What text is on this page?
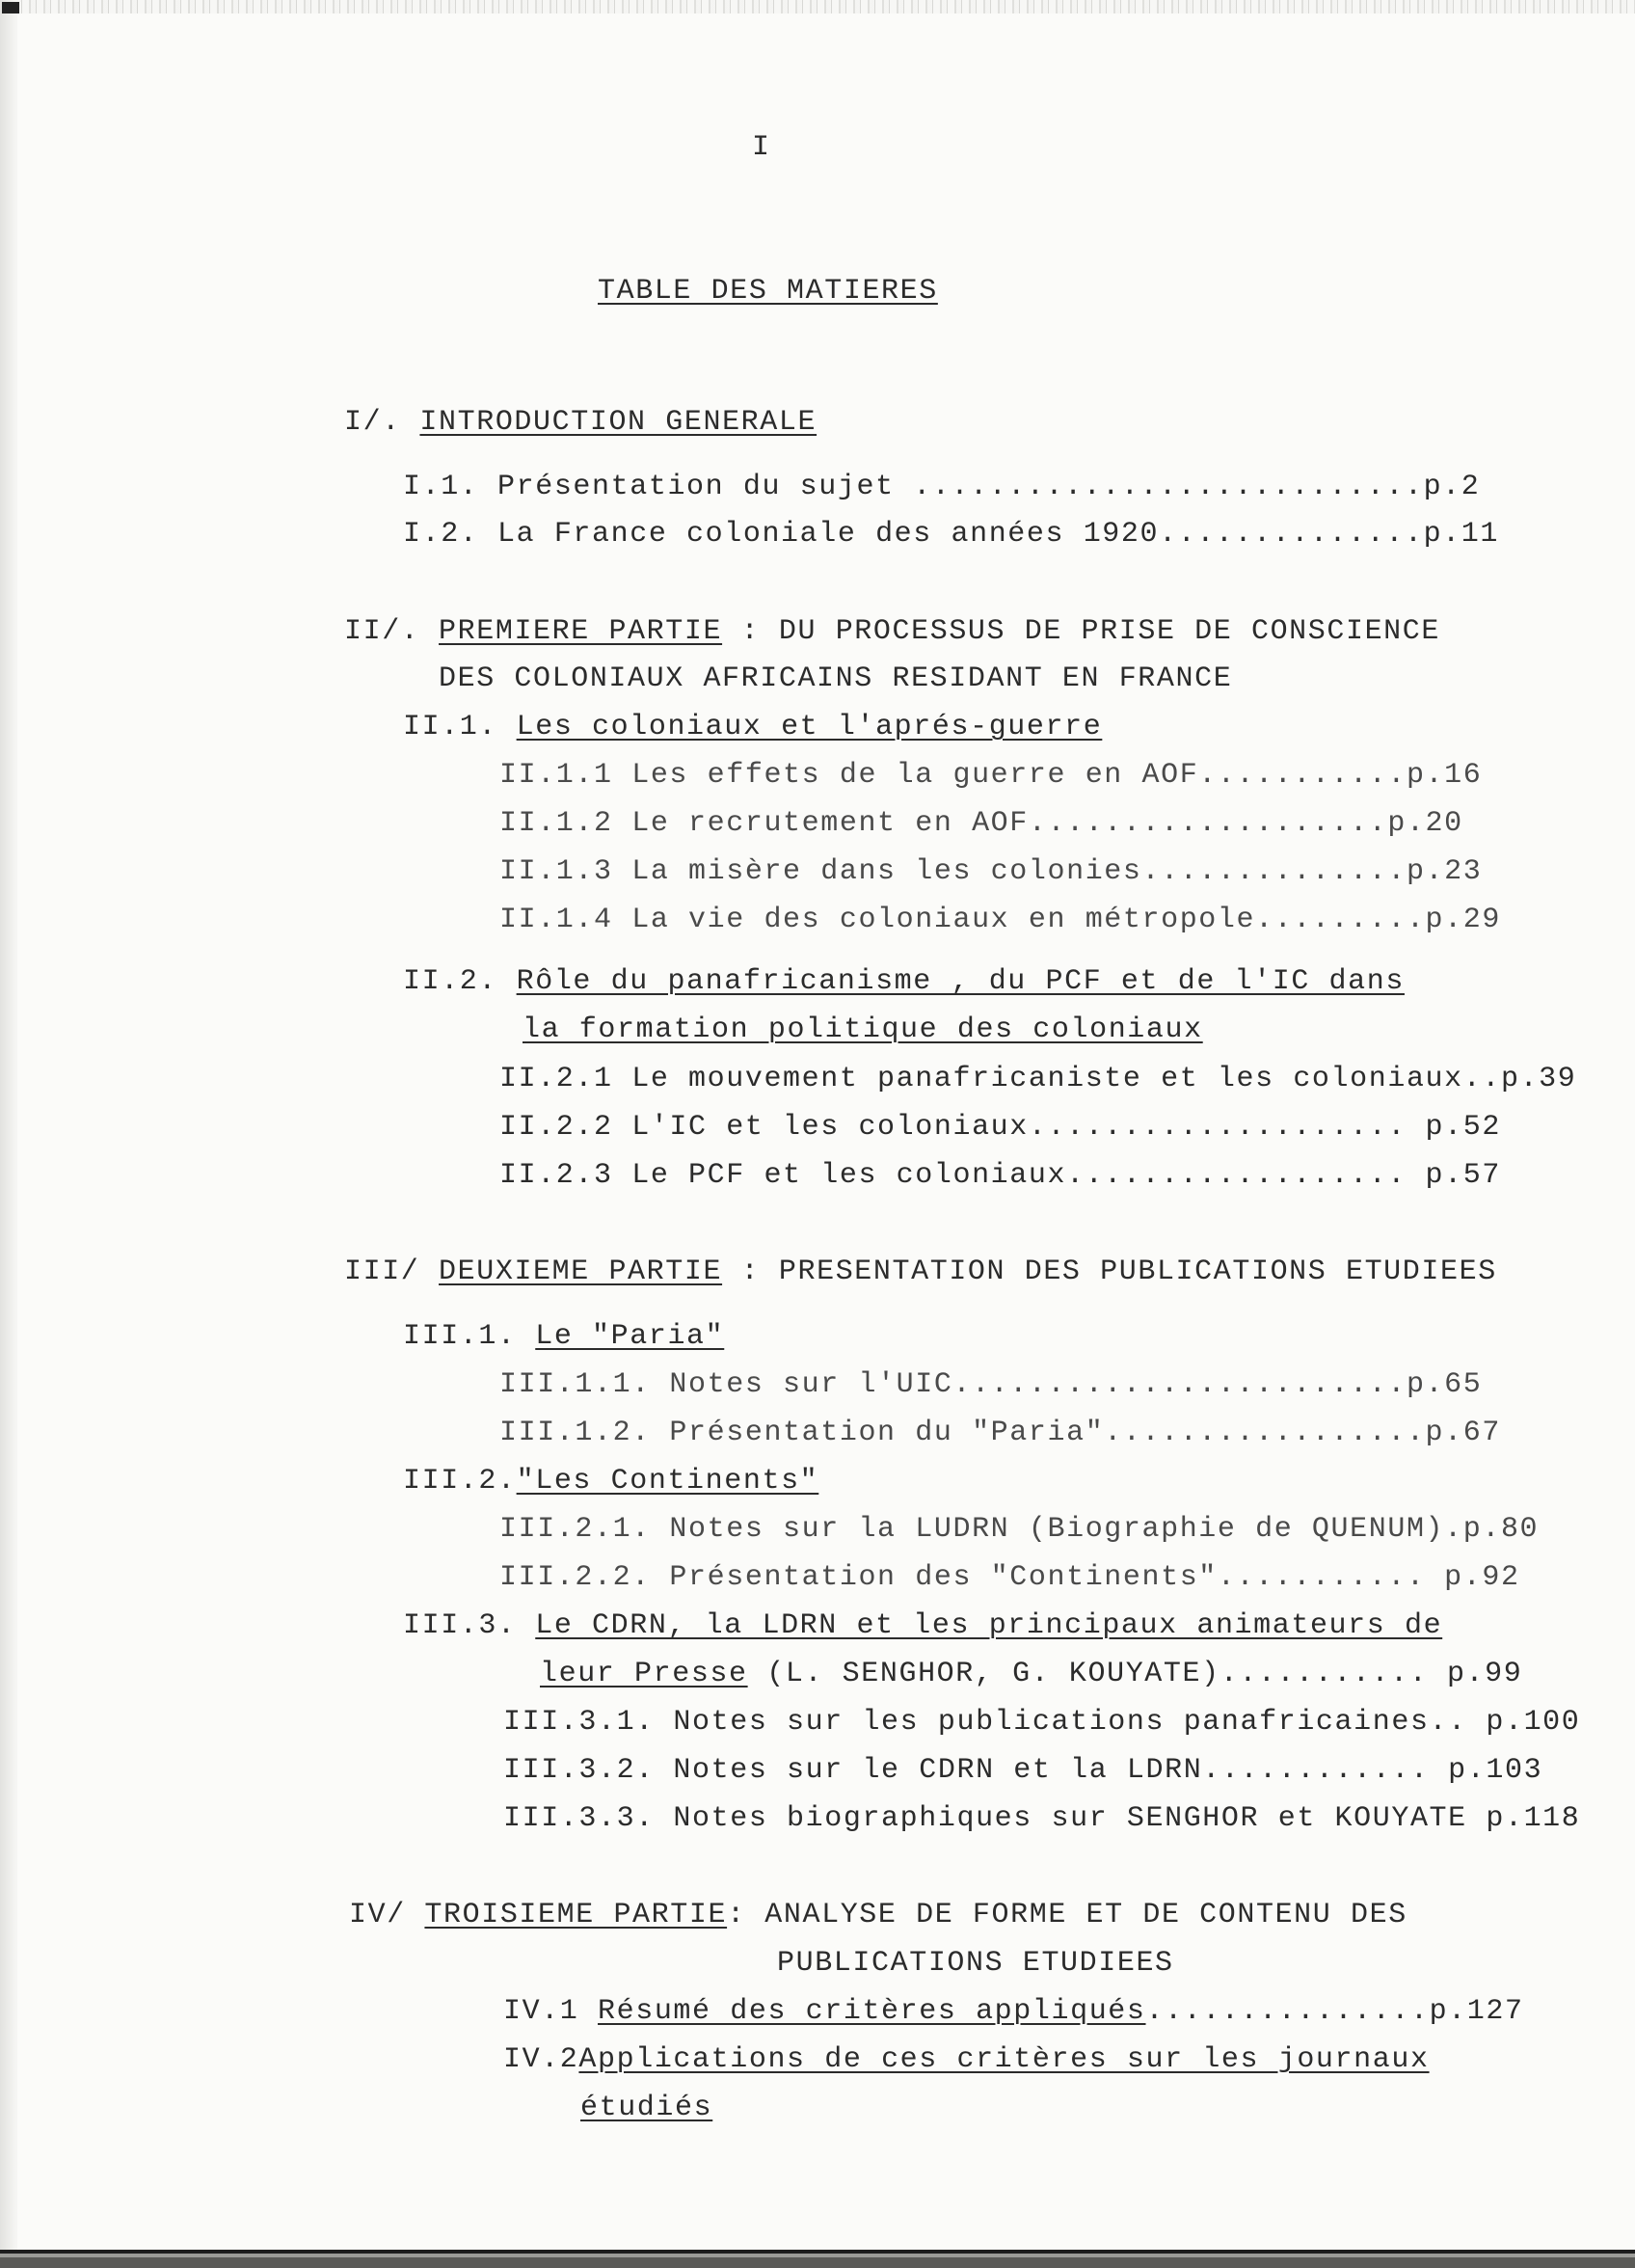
I
TABLE DES MATIERES
I/. INTRODUCTION GENERALE
I.1. Présentation du sujet ...........................p.2
I.2. La France coloniale des années 1920..............p.11
II/. PREMIERE PARTIE : DU PROCESSUS DE PRISE DE CONSCIENCE
DES COLONIAUX AFRICAINS RESIDANT EN FRANCE
II.1. Les coloniaux et l'aprés-guerre
II.1.1 Les effets de la guerre en AOF...........p.16
II.1.2 Le recrutement en AOF...................p.20
II.1.3 La misère dans les colonies..............p.23
II.1.4 La vie des coloniaux en métropole.........p.29
II.2. Rôle du panafricanisme , du PCF et de l'IC dans
la formation politique des coloniaux
II.2.1 Le mouvement panafricaniste et les coloniaux..p.39
II.2.2 L'IC et les coloniaux.................... p.52
II.2.3 Le PCF et les coloniaux.................. p.57
III/ DEUXIEME PARTIE : PRESENTATION DES PUBLICATIONS ETUDIEES
III.1. Le "Paria"
III.1.1. Notes sur l'UIC........................p.65
III.1.2. Présentation du "Paria".................p.67
III.2."Les Continents"
III.2.1. Notes sur la LUDRN (Biographie de QUENUM).p.80
III.2.2. Présentation des "Continents"........... p.92
III.3. Le CDRN, la LDRN et les principaux animateurs de
leur Presse (L. SENGHOR, G. KOUYATE)........... p.99
III.3.1. Notes sur les publications panafricaines.. p.100
III.3.2. Notes sur le CDRN et la LDRN............ p.103
III.3.3. Notes biographiques sur SENGHOR et KOUYATE p.118
IV/ TROISIEME PARTIE: ANALYSE DE FORME ET DE CONTENU DES
PUBLICATIONS ETUDIEES
IV.1 Résumé des critères appliqués...............p.127
IV.2Applications de ces critères sur les journaux
étudiés
